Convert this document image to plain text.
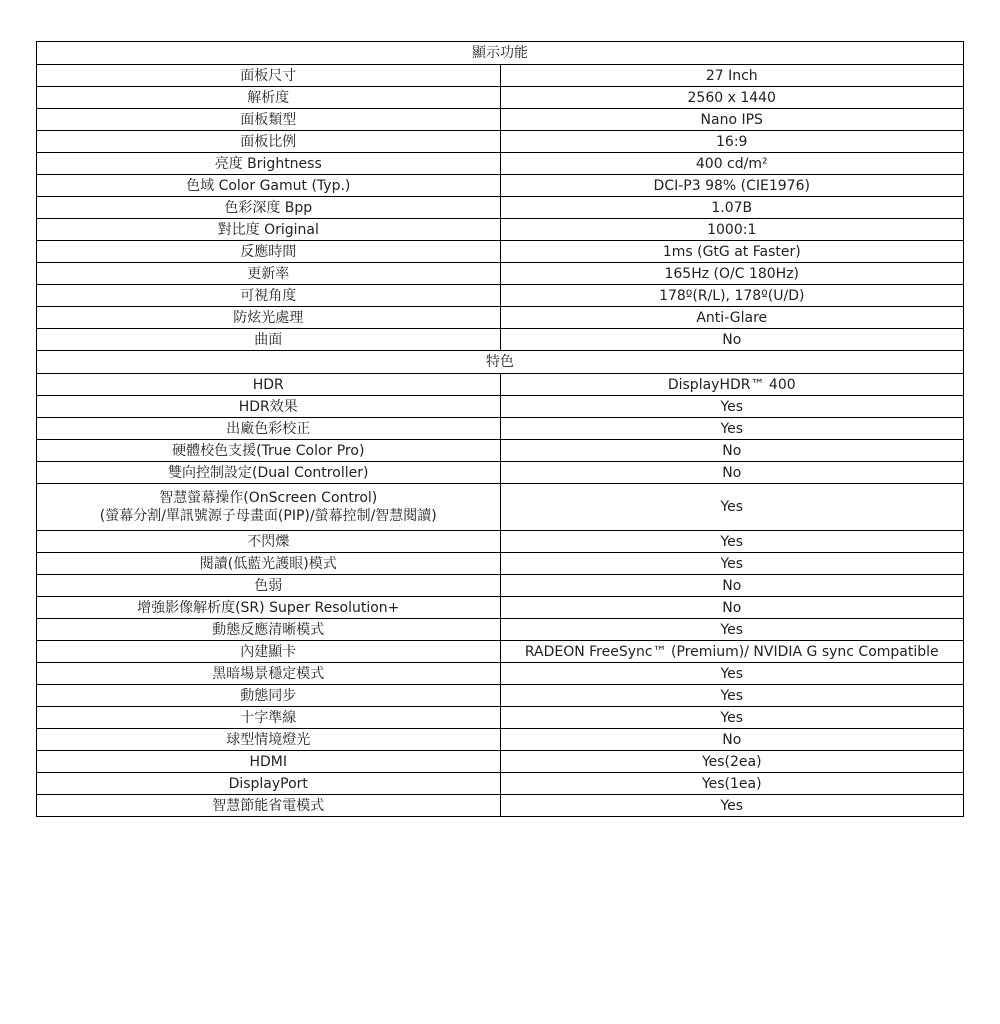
顯示功能	
面板尺寸	27 Inch
解析度	2560 x 1440
面板類型	Nano IPS
面板比例	16:9
亮度 Brightness	400 cd/m²
色域 Color Gamut (Typ.)	DCI-P3 98% (CIE1976)
色彩深度 Bpp	1.07B
對比度 Original	1000:1
反應時間	1ms (GtG at Faster)
更新率	165Hz (O/C 180Hz)
可視角度	178º(R/L), 178º(U/D)
防炫光處理	Anti-Glare
曲面	No
特色	
HDR	DisplayHDR™ 400
HDR效果	Yes
出廠色彩校正	Yes
硬體校色支援(True Color Pro)	No
雙向控制設定(Dual Controller)	No

智慧螢幕操作(OnScreen Control)
(螢幕分割/單訊號源子母畫面(PIP)/螢幕控制/智慧閱讀)	Yes
不閃爍	Yes
閱讀(低藍光護眼)模式	Yes
色弱	No
增強影像解析度(SR) Super Resolution+	No
動態反應清晰模式	Yes
內建顯卡	RADEON FreeSync™ (Premium)/ NVIDIA G sync Compatible
黑暗場景穩定模式	Yes
動態同步	Yes
十字準線	Yes
球型情境燈光	No
HDMI	Yes(2ea)
DisplayPort	Yes(1ea)
智慧節能省電模式	Yes
